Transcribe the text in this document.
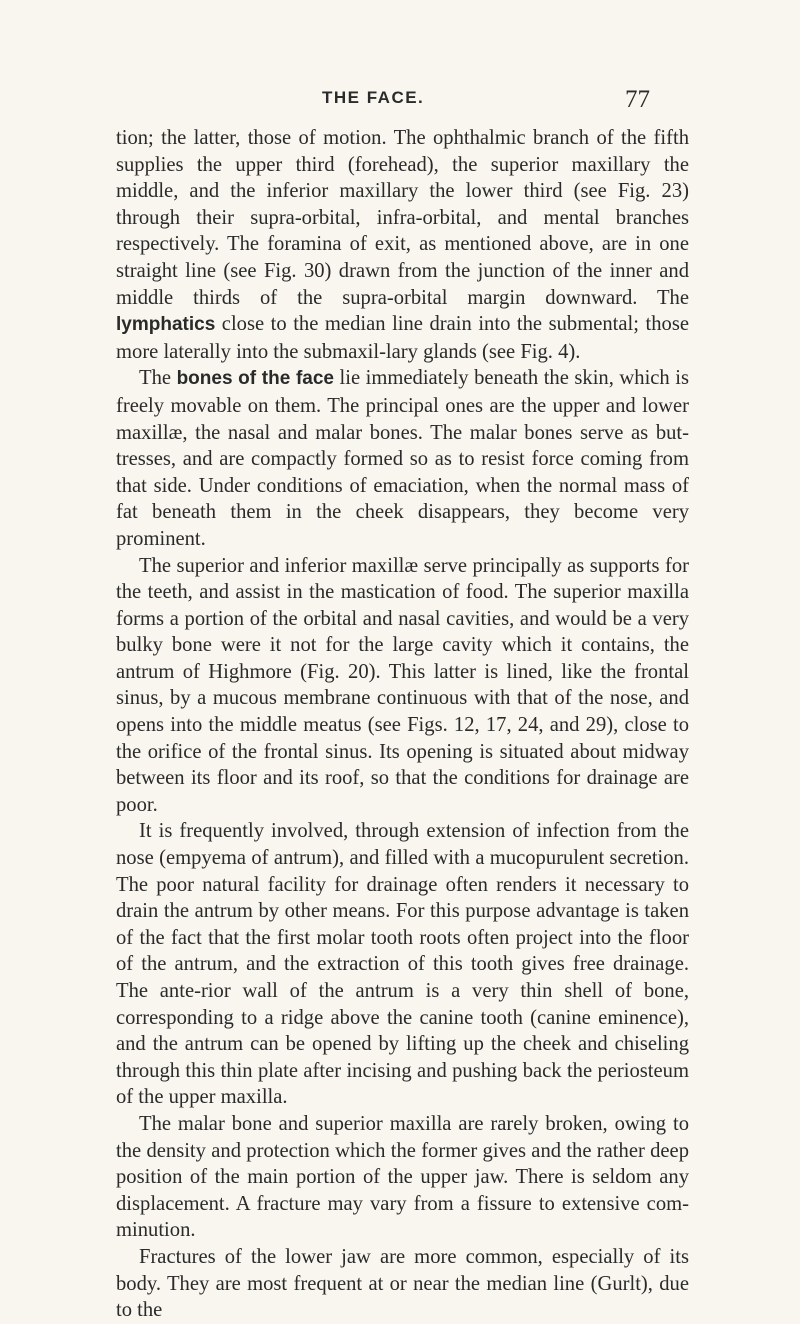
THE FACE.	77

tion; the latter, those of motion. The ophthalmic branch of the fifth supplies the upper third (forehead), the superior maxillary the middle, and the inferior maxillary the lower third (see Fig. 23) through their supra-orbital, infra-orbital, and mental branches respectively. The foramina of exit, as mentioned above, are in one straight line (see Fig. 30) drawn from the junction of the inner and middle thirds of the supra-orbital margin downward. The lymphatics close to the median line drain into the submental; those more laterally into the submaxil-lary glands (see Fig. 4).

The bones of the face lie immediately beneath the skin, which is freely movable on them. The principal ones are the upper and lower maxillæ, the nasal and malar bones. The malar bones serve as but-tresses, and are compactly formed so as to resist force coming from that side. Under conditions of emaciation, when the normal mass of fat beneath them in the cheek disappears, they become very prominent.

The superior and inferior maxillæ serve principally as supports for the teeth, and assist in the mastication of food. The superior maxilla forms a portion of the orbital and nasal cavities, and would be a very bulky bone were it not for the large cavity which it contains, the antrum of Highmore (Fig. 20). This latter is lined, like the frontal sinus, by a mucous membrane continuous with that of the nose, and opens into the middle meatus (see Figs. 12, 17, 24, and 29), close to the orifice of the frontal sinus. Its opening is situated about midway between its floor and its roof, so that the conditions for drainage are poor.

It is frequently involved, through extension of infection from the nose (empyema of antrum), and filled with a mucopurulent secretion. The poor natural facility for drainage often renders it necessary to drain the antrum by other means. For this purpose advantage is taken of the fact that the first molar tooth roots often project into the floor of the antrum, and the extraction of this tooth gives free drainage. The ante-rior wall of the antrum is a very thin shell of bone, corresponding to a ridge above the canine tooth (canine eminence), and the antrum can be opened by lifting up the cheek and chiseling through this thin plate after incising and pushing back the periosteum of the upper maxilla.

The malar bone and superior maxilla are rarely broken, owing to the density and protection which the former gives and the rather deep position of the main portion of the upper jaw. There is seldom any displacement. A fracture may vary from a fissure to extensive com-minution.

Fractures of the lower jaw are more common, especially of its body. They are most frequent at or near the median line (Gurlt), due to the
